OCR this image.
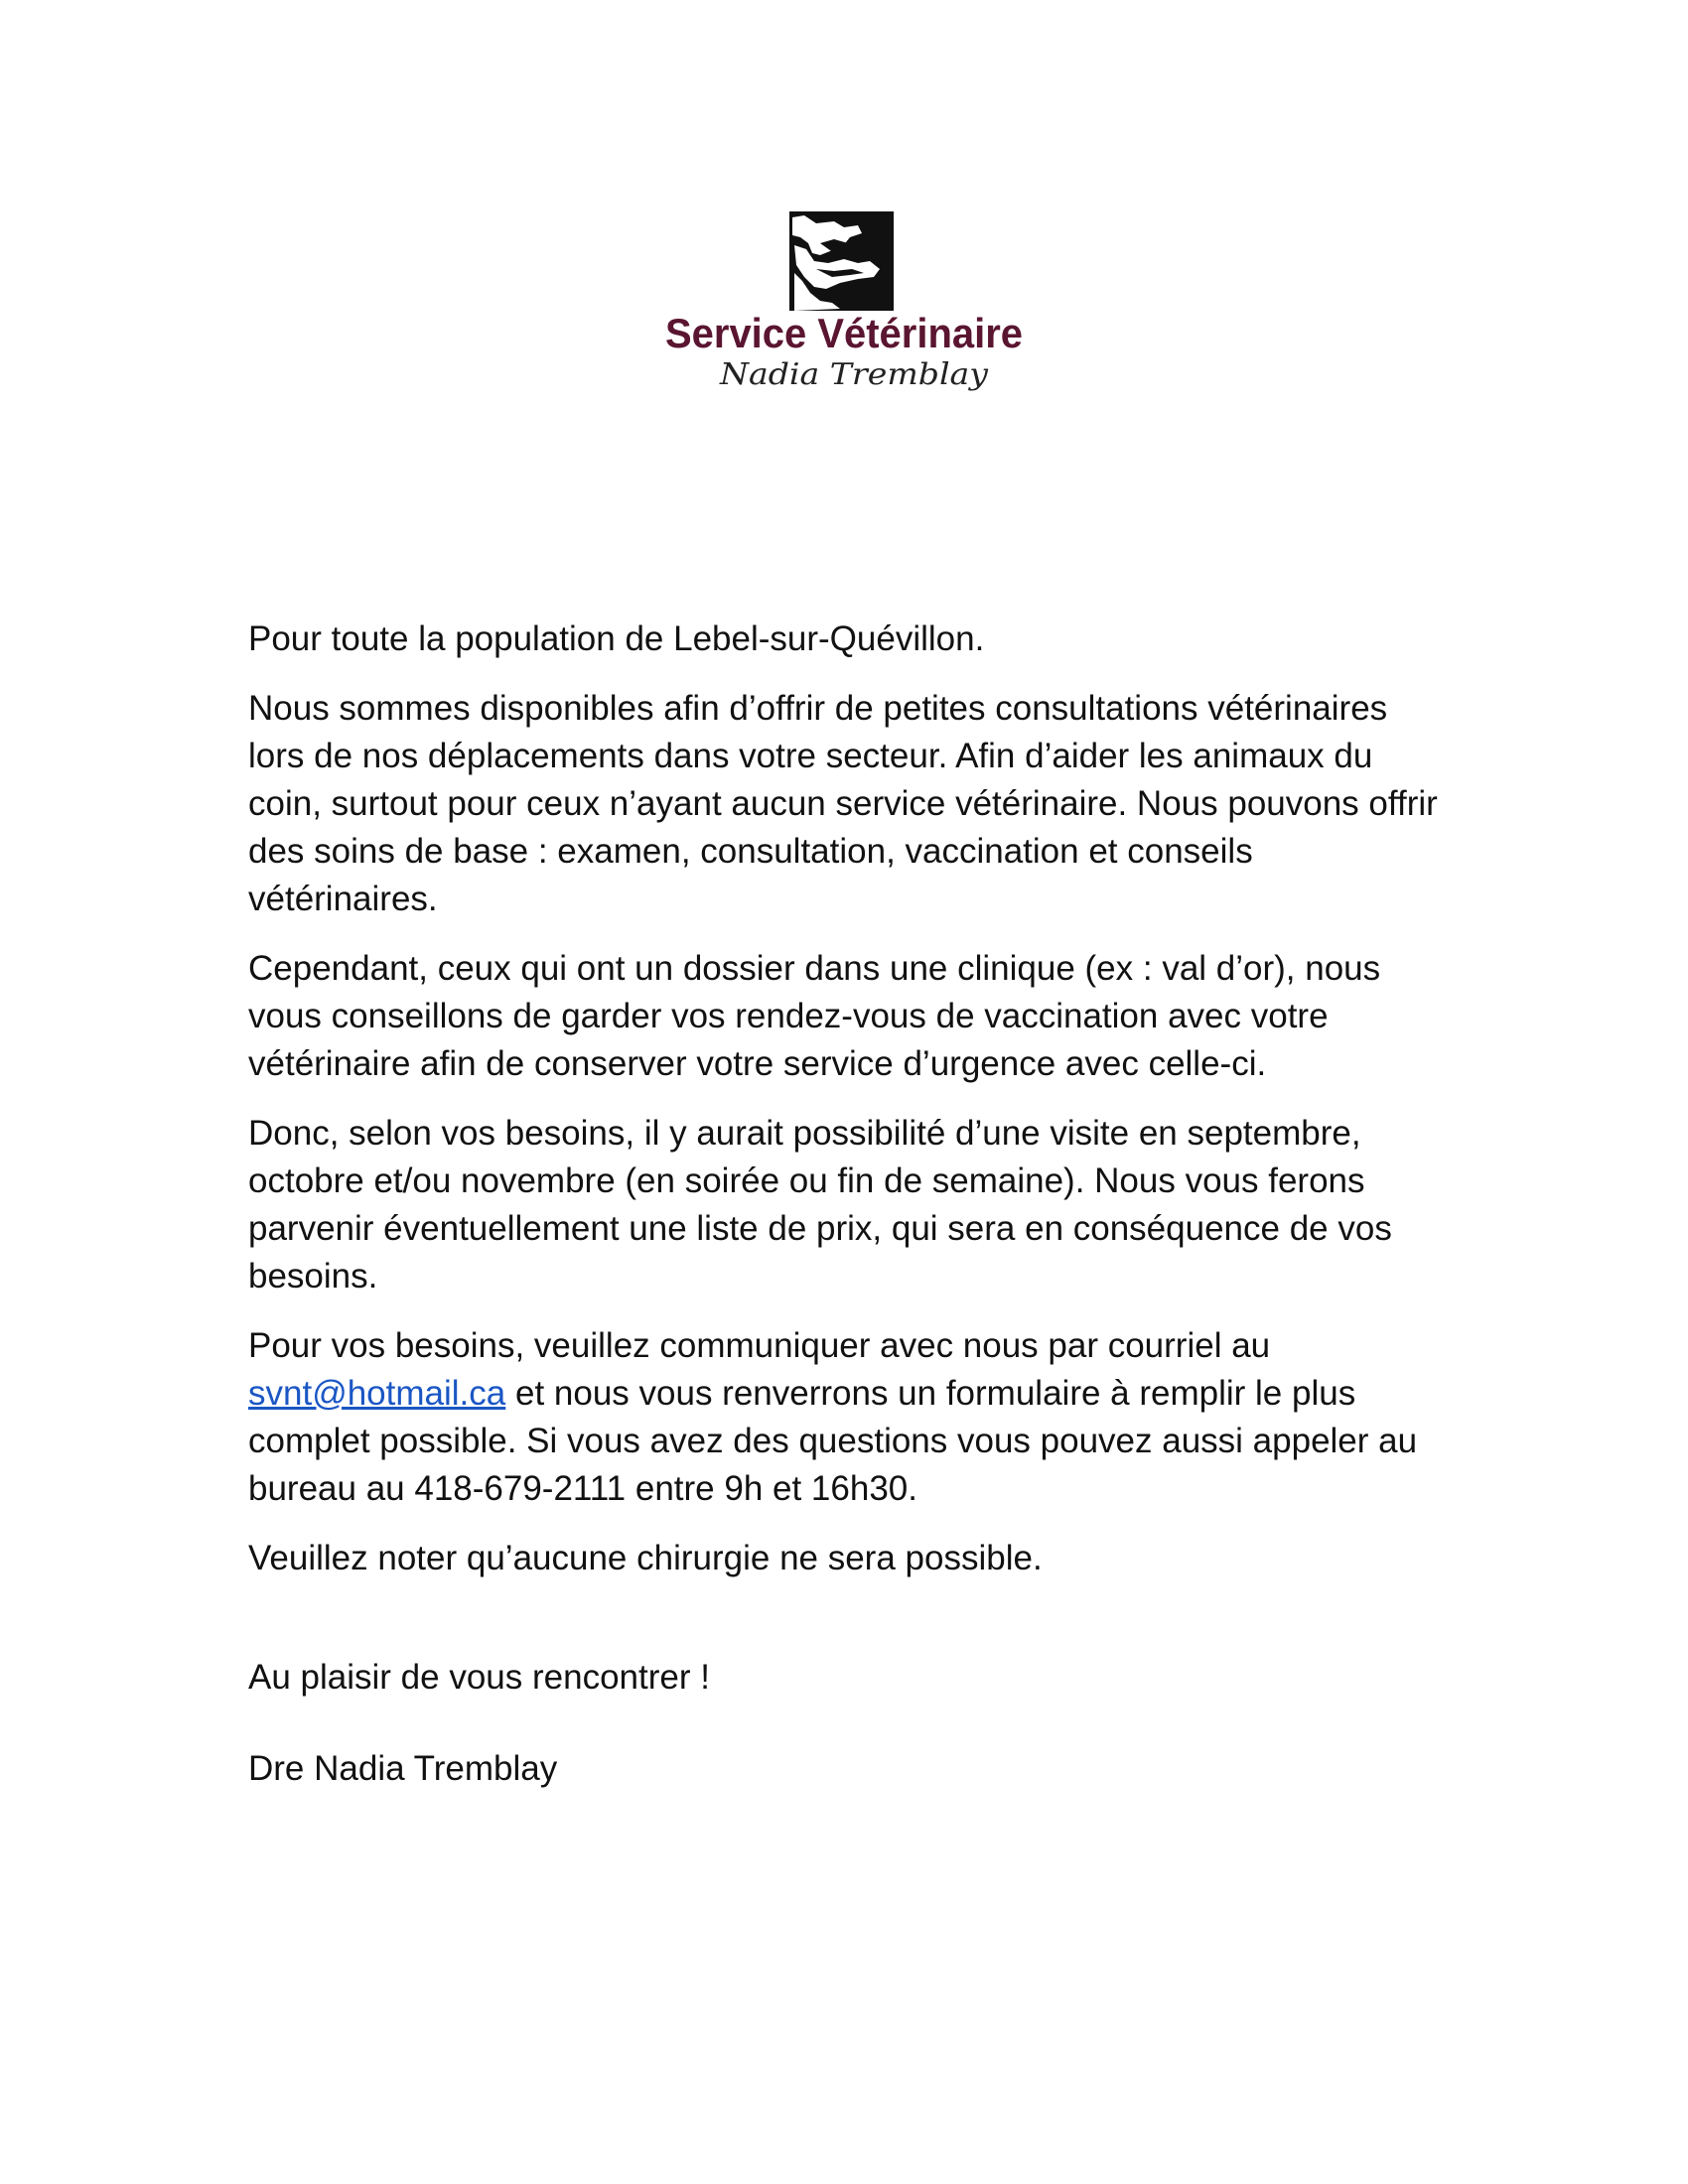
Service Vétérinaire
Nadia Tremblay

Pour toute la population de Lebel-sur-Quévillon.

Nous sommes disponibles afin d’offrir de petites consultations vétérinaires lors de nos déplacements dans votre secteur. Afin d’aider les animaux du coin, surtout pour ceux n’ayant aucun service vétérinaire. Nous pouvons offrir des soins de base : examen, consultation, vaccination et conseils vétérinaires.

Cependant, ceux qui ont un dossier dans une clinique (ex : val d’or), nous vous conseillons de garder vos rendez-vous de vaccination avec votre vétérinaire afin de conserver votre service d’urgence avec celle-ci.

Donc, selon vos besoins, il y aurait possibilité d’une visite en septembre, octobre et/ou novembre (en soirée ou fin de semaine). Nous vous ferons parvenir éventuellement une liste de prix, qui sera en conséquence de vos besoins.

Pour vos besoins, veuillez communiquer avec nous par courriel au svnt@hotmail.ca et nous vous renverrons un formulaire à remplir le plus complet possible. Si vous avez des questions vous pouvez aussi appeler au bureau au 418-679-2111 entre 9h et 16h30.

Veuillez noter qu’aucune chirurgie ne sera possible.

Au plaisir de vous rencontrer !

Dre Nadia Tremblay
